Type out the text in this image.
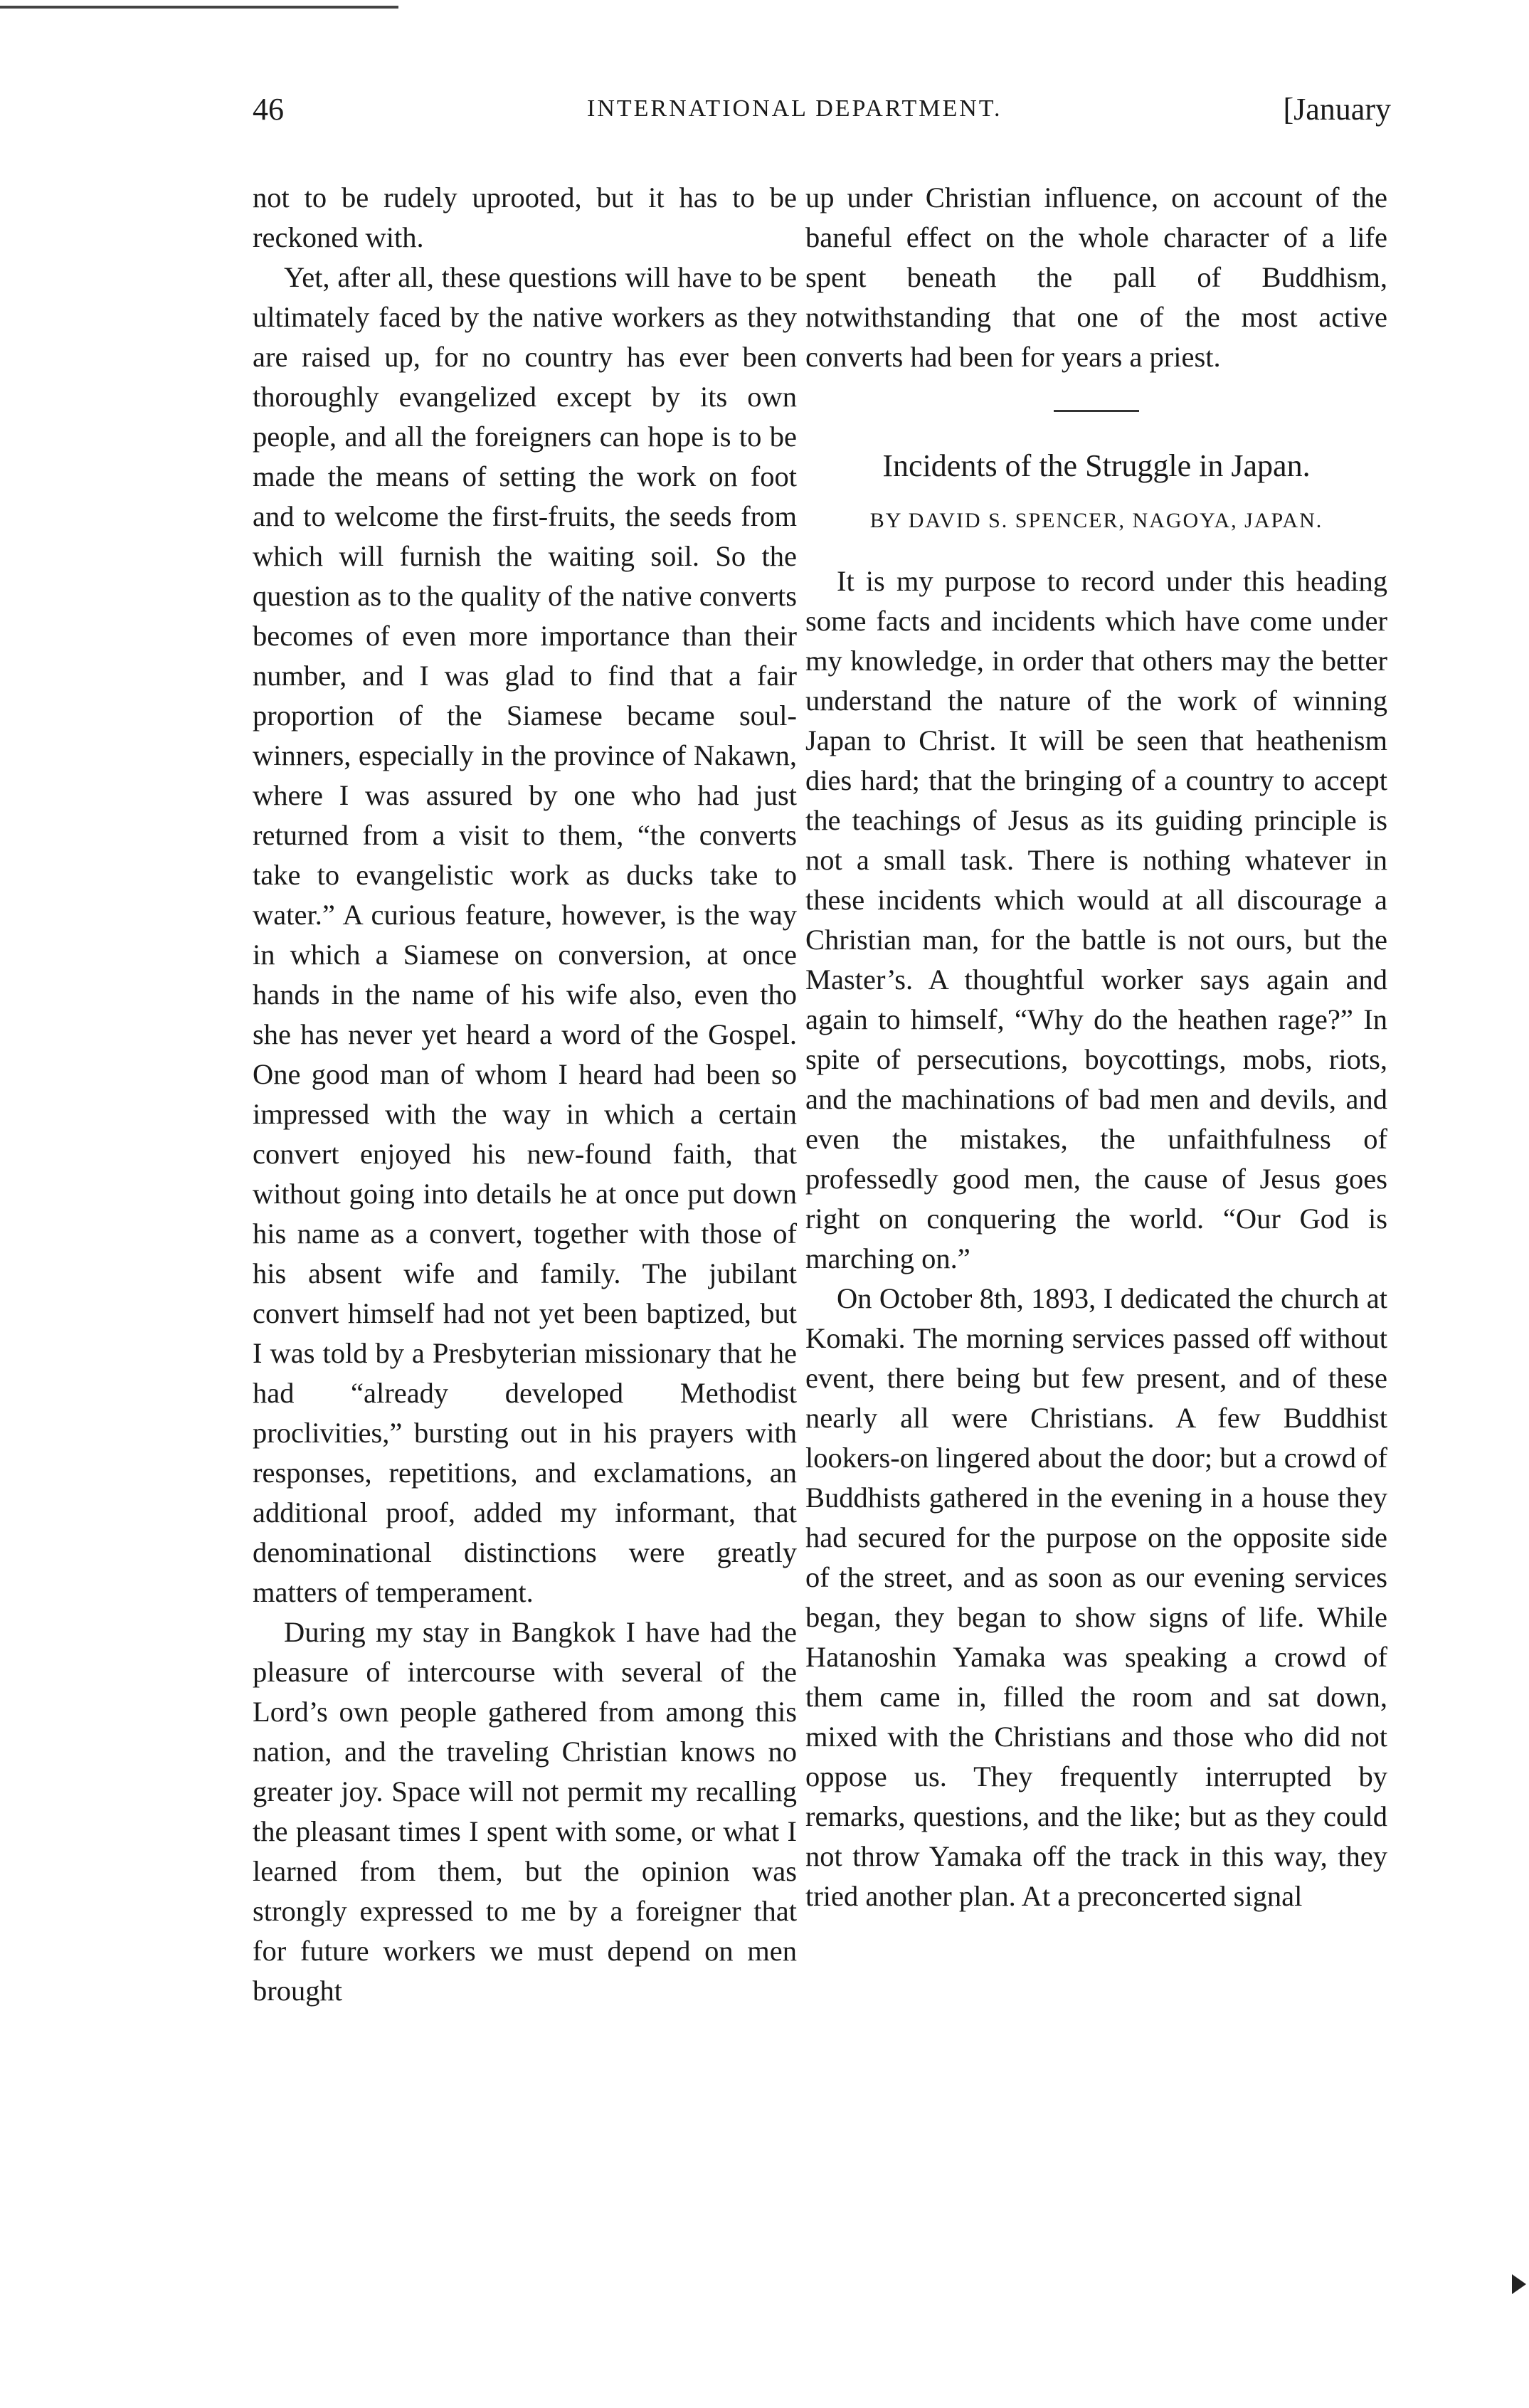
46	INTERNATIONAL DEPARTMENT.	[January

not to be rudely uprooted, but it has to be reckoned with.

Yet, after all, these questions will have to be ultimately faced by the native workers as they are raised up, for no country has ever been thoroughly evangelized except by its own people, and all the foreigners can hope is to be made the means of setting the work on foot and to welcome the first-fruits, the seeds from which will furnish the waiting soil. So the question as to the quality of the native converts becomes of even more importance than their number, and I was glad to find that a fair proportion of the Siamese became soul-winners, especially in the province of Nakawn, where I was assured by one who had just returned from a visit to them, “the converts take to evangelistic work as ducks take to water.” A curious feature, however, is the way in which a Siamese on conversion, at once hands in the name of his wife also, even tho she has never yet heard a word of the Gospel. One good man of whom I heard had been so impressed with the way in which a certain convert enjoyed his new-found faith, that without going into details he at once put down his name as a convert, together with those of his absent wife and family. The jubilant convert himself had not yet been baptized, but I was told by a Presbyterian missionary that he had “already developed Methodist proclivities,” bursting out in his prayers with responses, repetitions, and exclamations, an additional proof, added my informant, that denominational distinctions were greatly matters of temperament.

During my stay in Bangkok I have had the pleasure of intercourse with several of the Lord’s own people gathered from among this nation, and the traveling Christian knows no greater joy. Space will not permit my recalling the pleasant times I spent with some, or what I learned from them, but the opinion was strongly expressed to me by a foreigner that for future workers we must depend on men brought

up under Christian influence, on account of the baneful effect on the whole character of a life spent beneath the pall of Buddhism, notwithstanding that one of the most active converts had been for years a priest.

Incidents of the Struggle in Japan.
BY DAVID S. SPENCER, NAGOYA, JAPAN.

It is my purpose to record under this heading some facts and incidents which have come under my knowledge, in order that others may the better understand the nature of the work of winning Japan to Christ. It will be seen that heathenism dies hard; that the bringing of a country to accept the teachings of Jesus as its guiding principle is not a small task. There is nothing whatever in these incidents which would at all discourage a Christian man, for the battle is not ours, but the Master’s. A thoughtful worker says again and again to himself, “Why do the heathen rage?” In spite of persecutions, boycottings, mobs, riots, and the machinations of bad men and devils, and even the mistakes, the unfaithfulness of professedly good men, the cause of Jesus goes right on conquering the world. “Our God is marching on.”

On October 8th, 1893, I dedicated the church at Komaki. The morning services passed off without event, there being but few present, and of these nearly all were Christians. A few Buddhist lookers-on lingered about the door; but a crowd of Buddhists gathered in the evening in a house they had secured for the purpose on the opposite side of the street, and as soon as our evening services began, they began to show signs of life. While Hatanoshin Yamaka was speaking a crowd of them came in, filled the room and sat down, mixed with the Christians and those who did not oppose us. They frequently interrupted by remarks, questions, and the like; but as they could not throw Yamaka off the track in this way, they tried another plan. At a preconcerted signal
